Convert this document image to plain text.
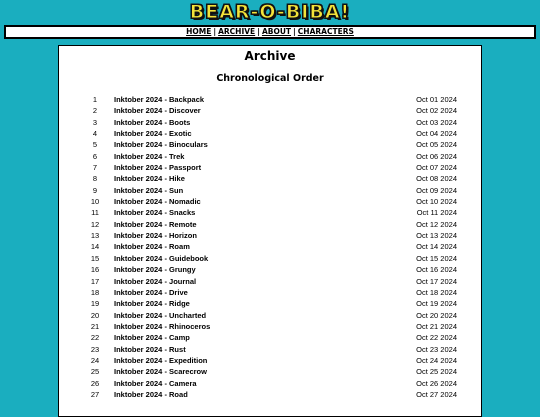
BEAR-O-BIBA!
HOME | ARCHIVE | ABOUT | CHARACTERS
Archive
Chronological Order
1	Inktober 2024 - Backpack	Oct 01 2024
2	Inktober 2024 - Discover	Oct 02 2024
3	Inktober 2024 - Boots	Oct 03 2024
4	Inktober 2024 - Exotic	Oct 04 2024
5	Inktober 2024 - Binoculars	Oct 05 2024
6	Inktober 2024 - Trek	Oct 06 2024
7	Inktober 2024 - Passport	Oct 07 2024
8	Inktober 2024 - Hike	Oct 08 2024
9	Inktober 2024 - Sun	Oct 09 2024
10	Inktober 2024 - Nomadic	Oct 10 2024
11	Inktober 2024 - Snacks	Oct 11 2024
12	Inktober 2024 - Remote	Oct 12 2024
13	Inktober 2024 - Horizon	Oct 13 2024
14	Inktober 2024 - Roam	Oct 14 2024
15	Inktober 2024 - Guidebook	Oct 15 2024
16	Inktober 2024 - Grungy	Oct 16 2024
17	Inktober 2024 - Journal	Oct 17 2024
18	Inktober 2024 - Drive	Oct 18 2024
19	Inktober 2024 - Ridge	Oct 19 2024
20	Inktober 2024 - Uncharted	Oct 20 2024
21	Inktober 2024 - Rhinoceros	Oct 21 2024
22	Inktober 2024 - Camp	Oct 22 2024
23	Inktober 2024 - Rust	Oct 23 2024
24	Inktober 2024 - Expedition	Oct 24 2024
25	Inktober 2024 - Scarecrow	Oct 25 2024
26	Inktober 2024 - Camera	Oct 26 2024
27	Inktober 2024 - Road	Oct 27 2024
